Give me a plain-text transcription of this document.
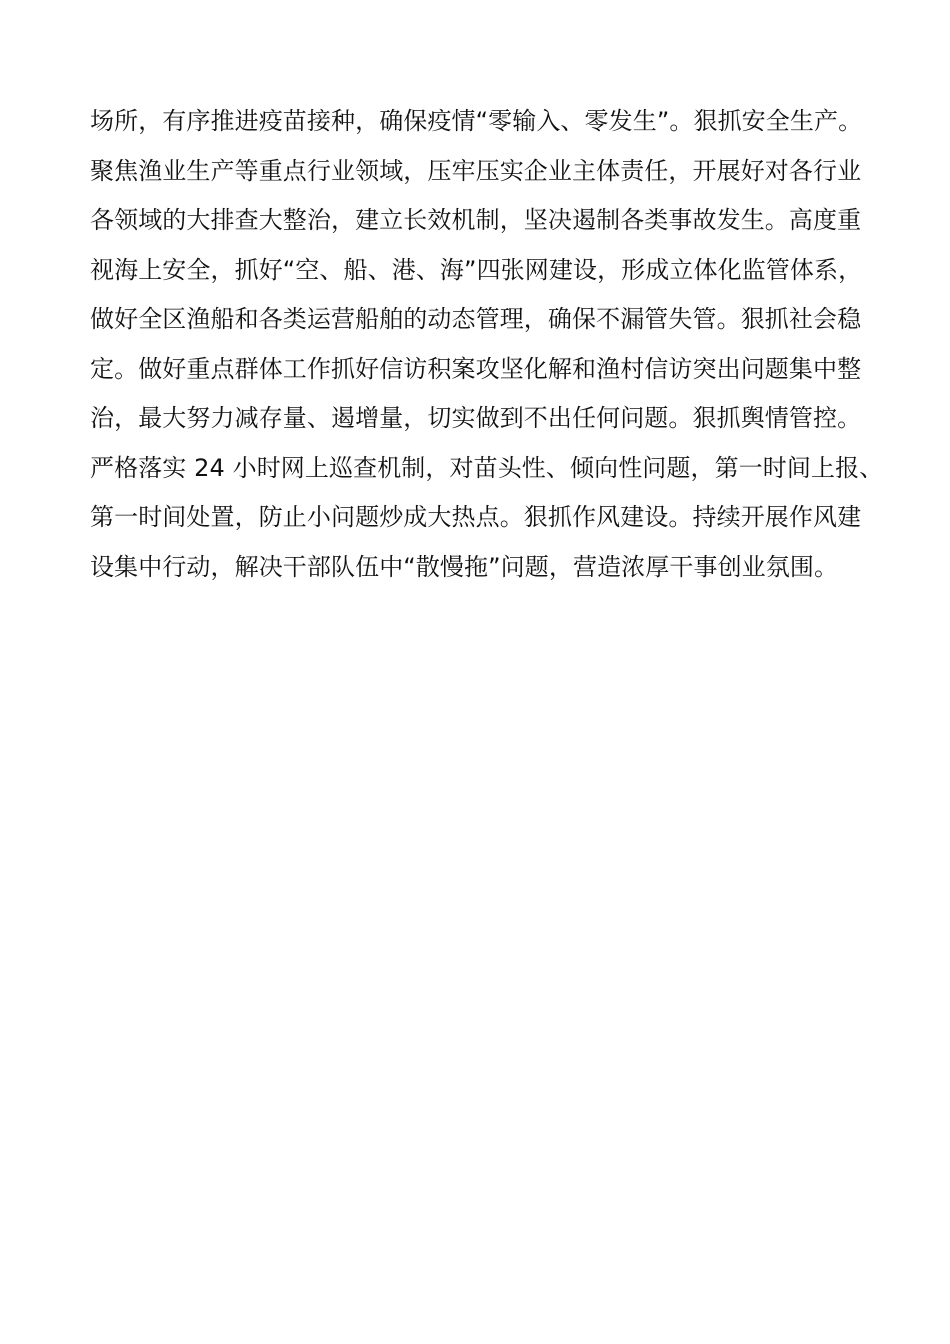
场所，有序推进疫苗接种，确保疫情“零输入、零发生”。狠抓安全生产。
聚焦渔业生产等重点行业领域，压牢压实企业主体责任，开展好对各行业
各领域的大排查大整治，建立长效机制，坚决遏制各类事故发生。高度重
视海上安全，抓好“空、船、港、海”四张网建设，形成立体化监管体系，
做好全区渔船和各类运营船舶的动态管理，确保不漏管失管。狠抓社会稳
定。做好重点群体工作抓好信访积案攻坚化解和渔村信访突出问题集中整
治，最大努力减存量、遏增量，切实做到不出任何问题。狠抓舆情管控。
严格落实 24 小时网上巡查机制，对苗头性、倾向性问题，第一时间上报、
第一时间处置，防止小问题炒成大热点。狠抓作风建设。持续开展作风建
设集中行动，解决干部队伍中“散慢拖”问题，营造浓厚干事创业氛围。
